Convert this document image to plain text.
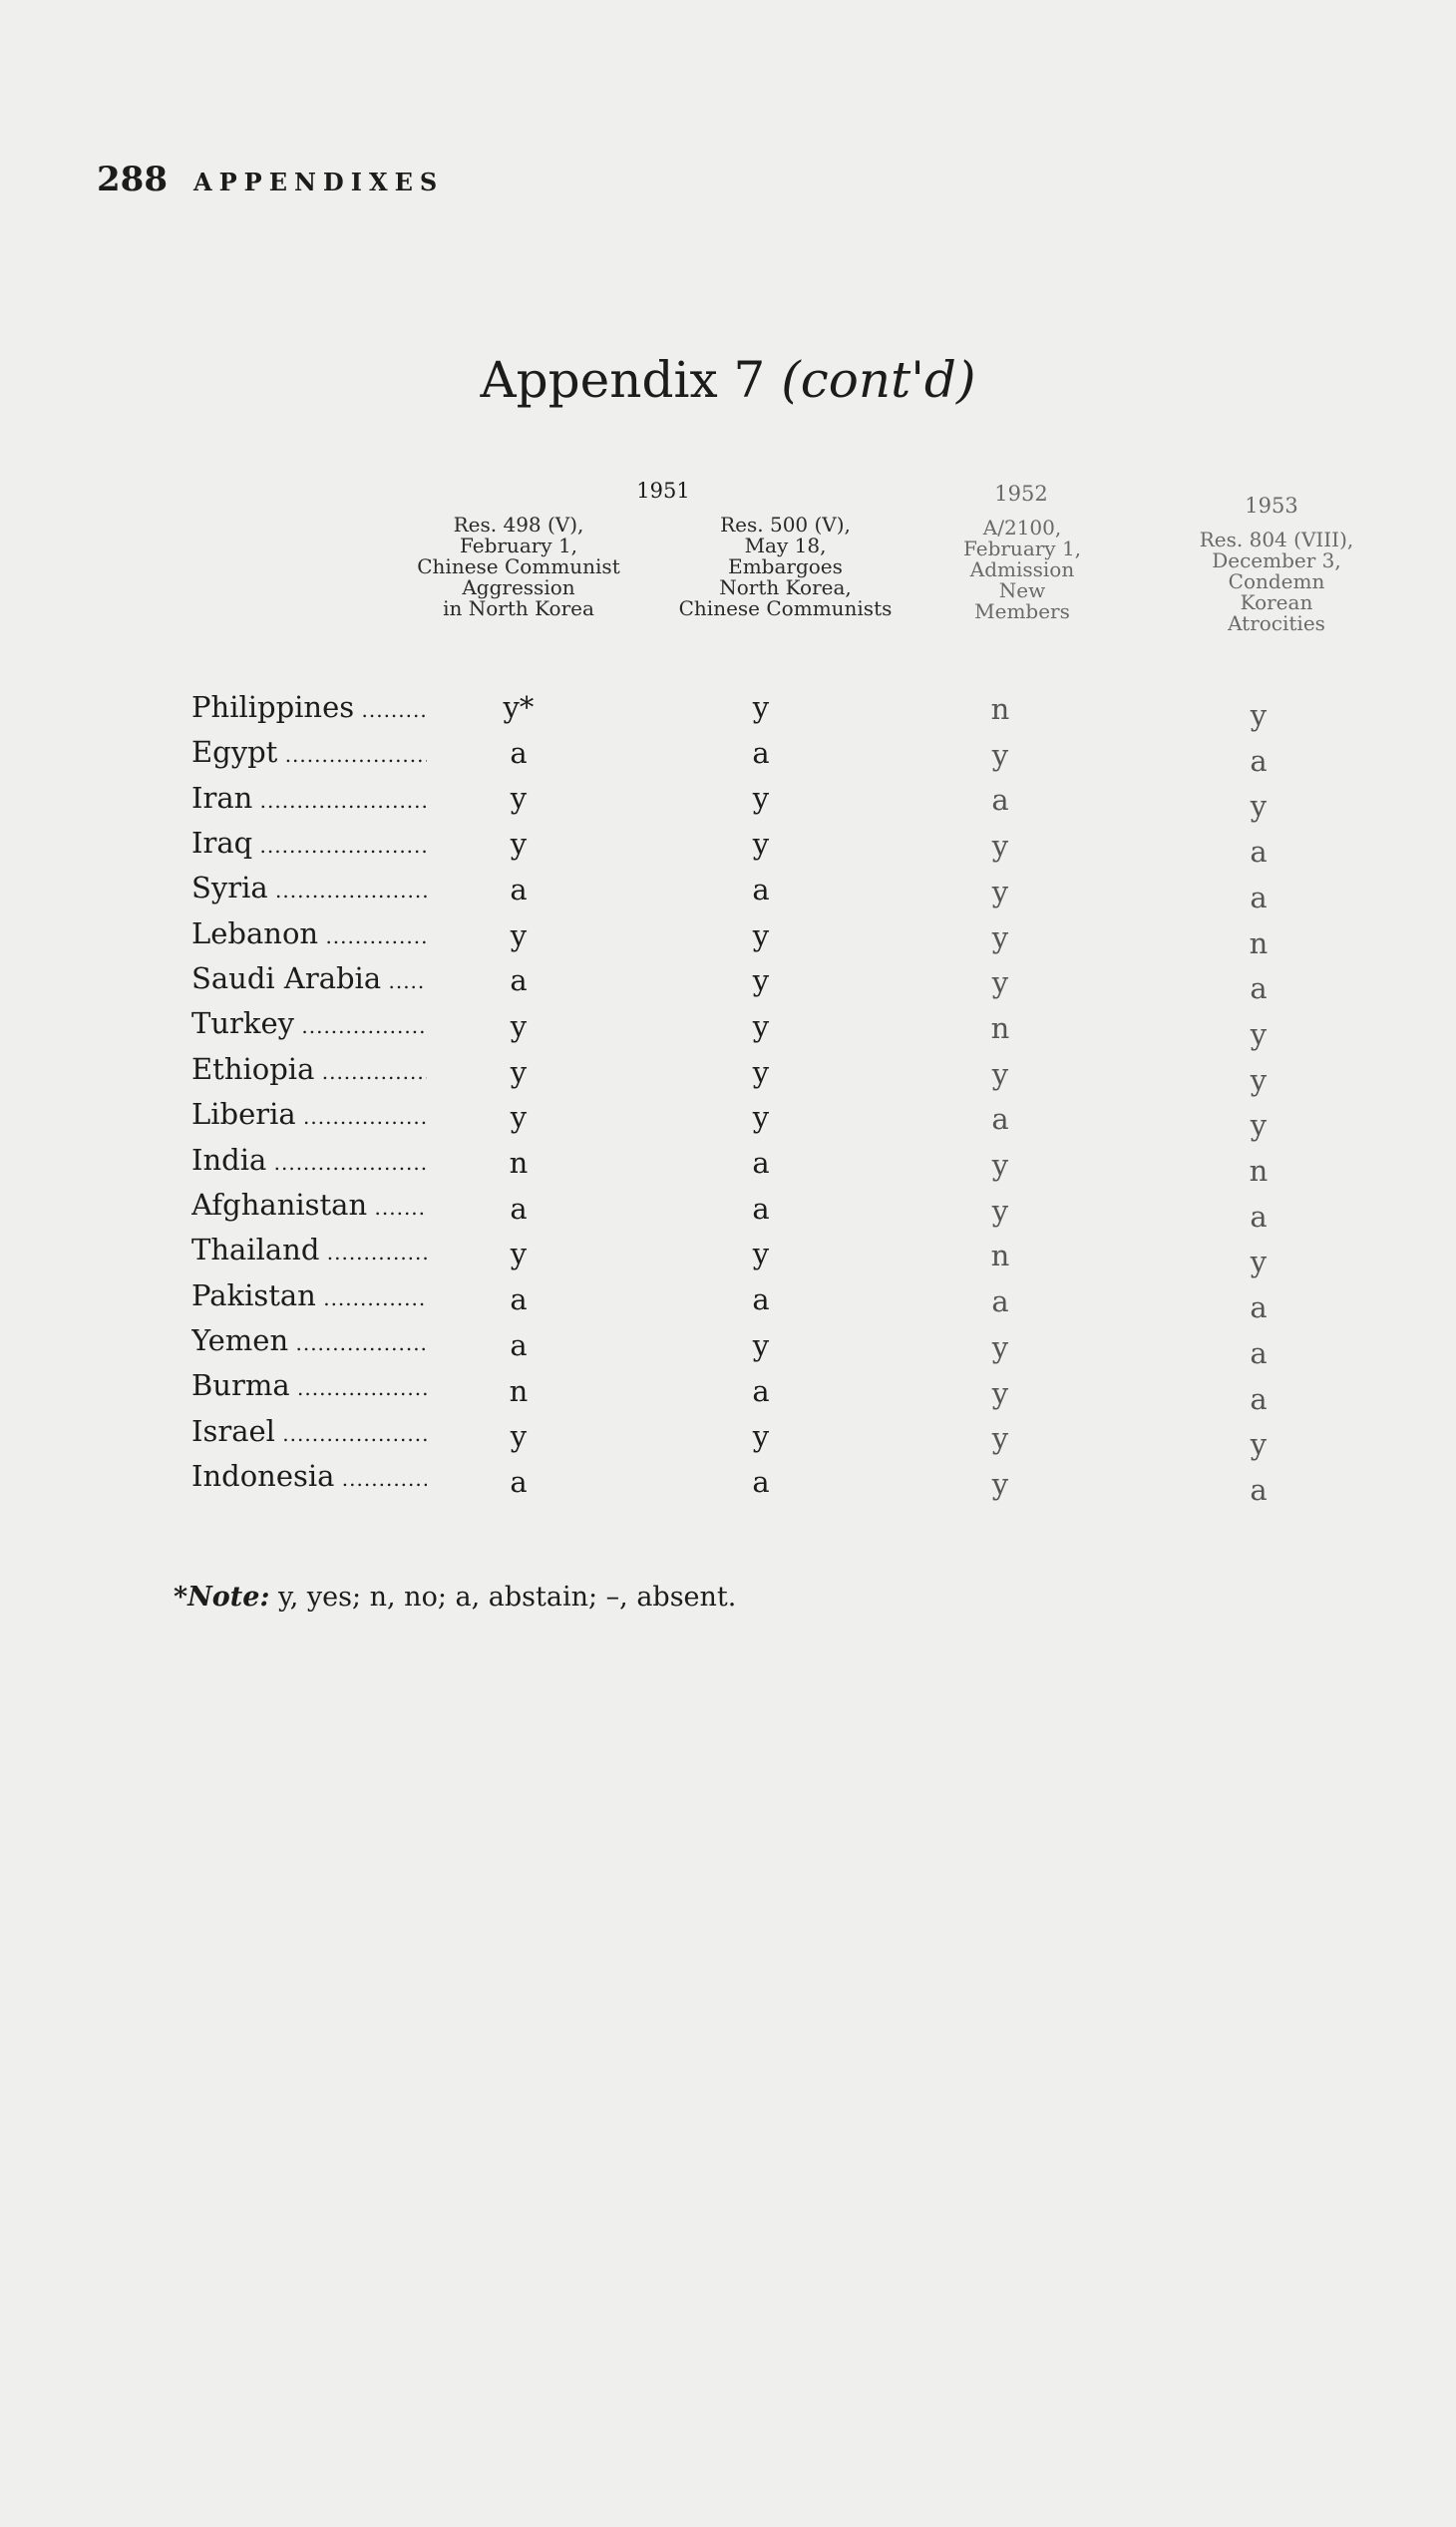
288 APPENDIXES
Appendix 7 (cont'd)
1951	1952	1953
Res. 498 (V),
February 1,
Chinese Communist
Aggression
in North Korea
Res. 500 (V),
May 18,
Embargoes
North Korea,
Chinese Communists
A/2100,
February 1,
Admission
New
Members
Res. 804 (VIII),
December 3,
Condemn
Korean
Atrocities
Philippines .....	y*	y	n	y
Egypt .....	a	a	y	a
Iran .....	y	y	a	y
Iraq .....	y	y	y	a
Syria .....	a	a	y	a
Lebanon .....	y	y	y	n
Saudi Arabia .....	a	y	y	a
Turkey .....	y	y	n	y
Ethiopia .....	y	y	y	y
Liberia .....	y	y	a	y
India .....	n	a	y	n
Afghanistan .....	a	a	y	a
Thailand .....	y	y	n	y
Pakistan .....	a	a	a	a
Yemen .....	a	y	y	a
Burma .....	n	a	y	a
Israel .....	y	y	y	y
Indonesia .....	a	a	y	a
*Note: y, yes; n, no; a, abstain; –, absent.
